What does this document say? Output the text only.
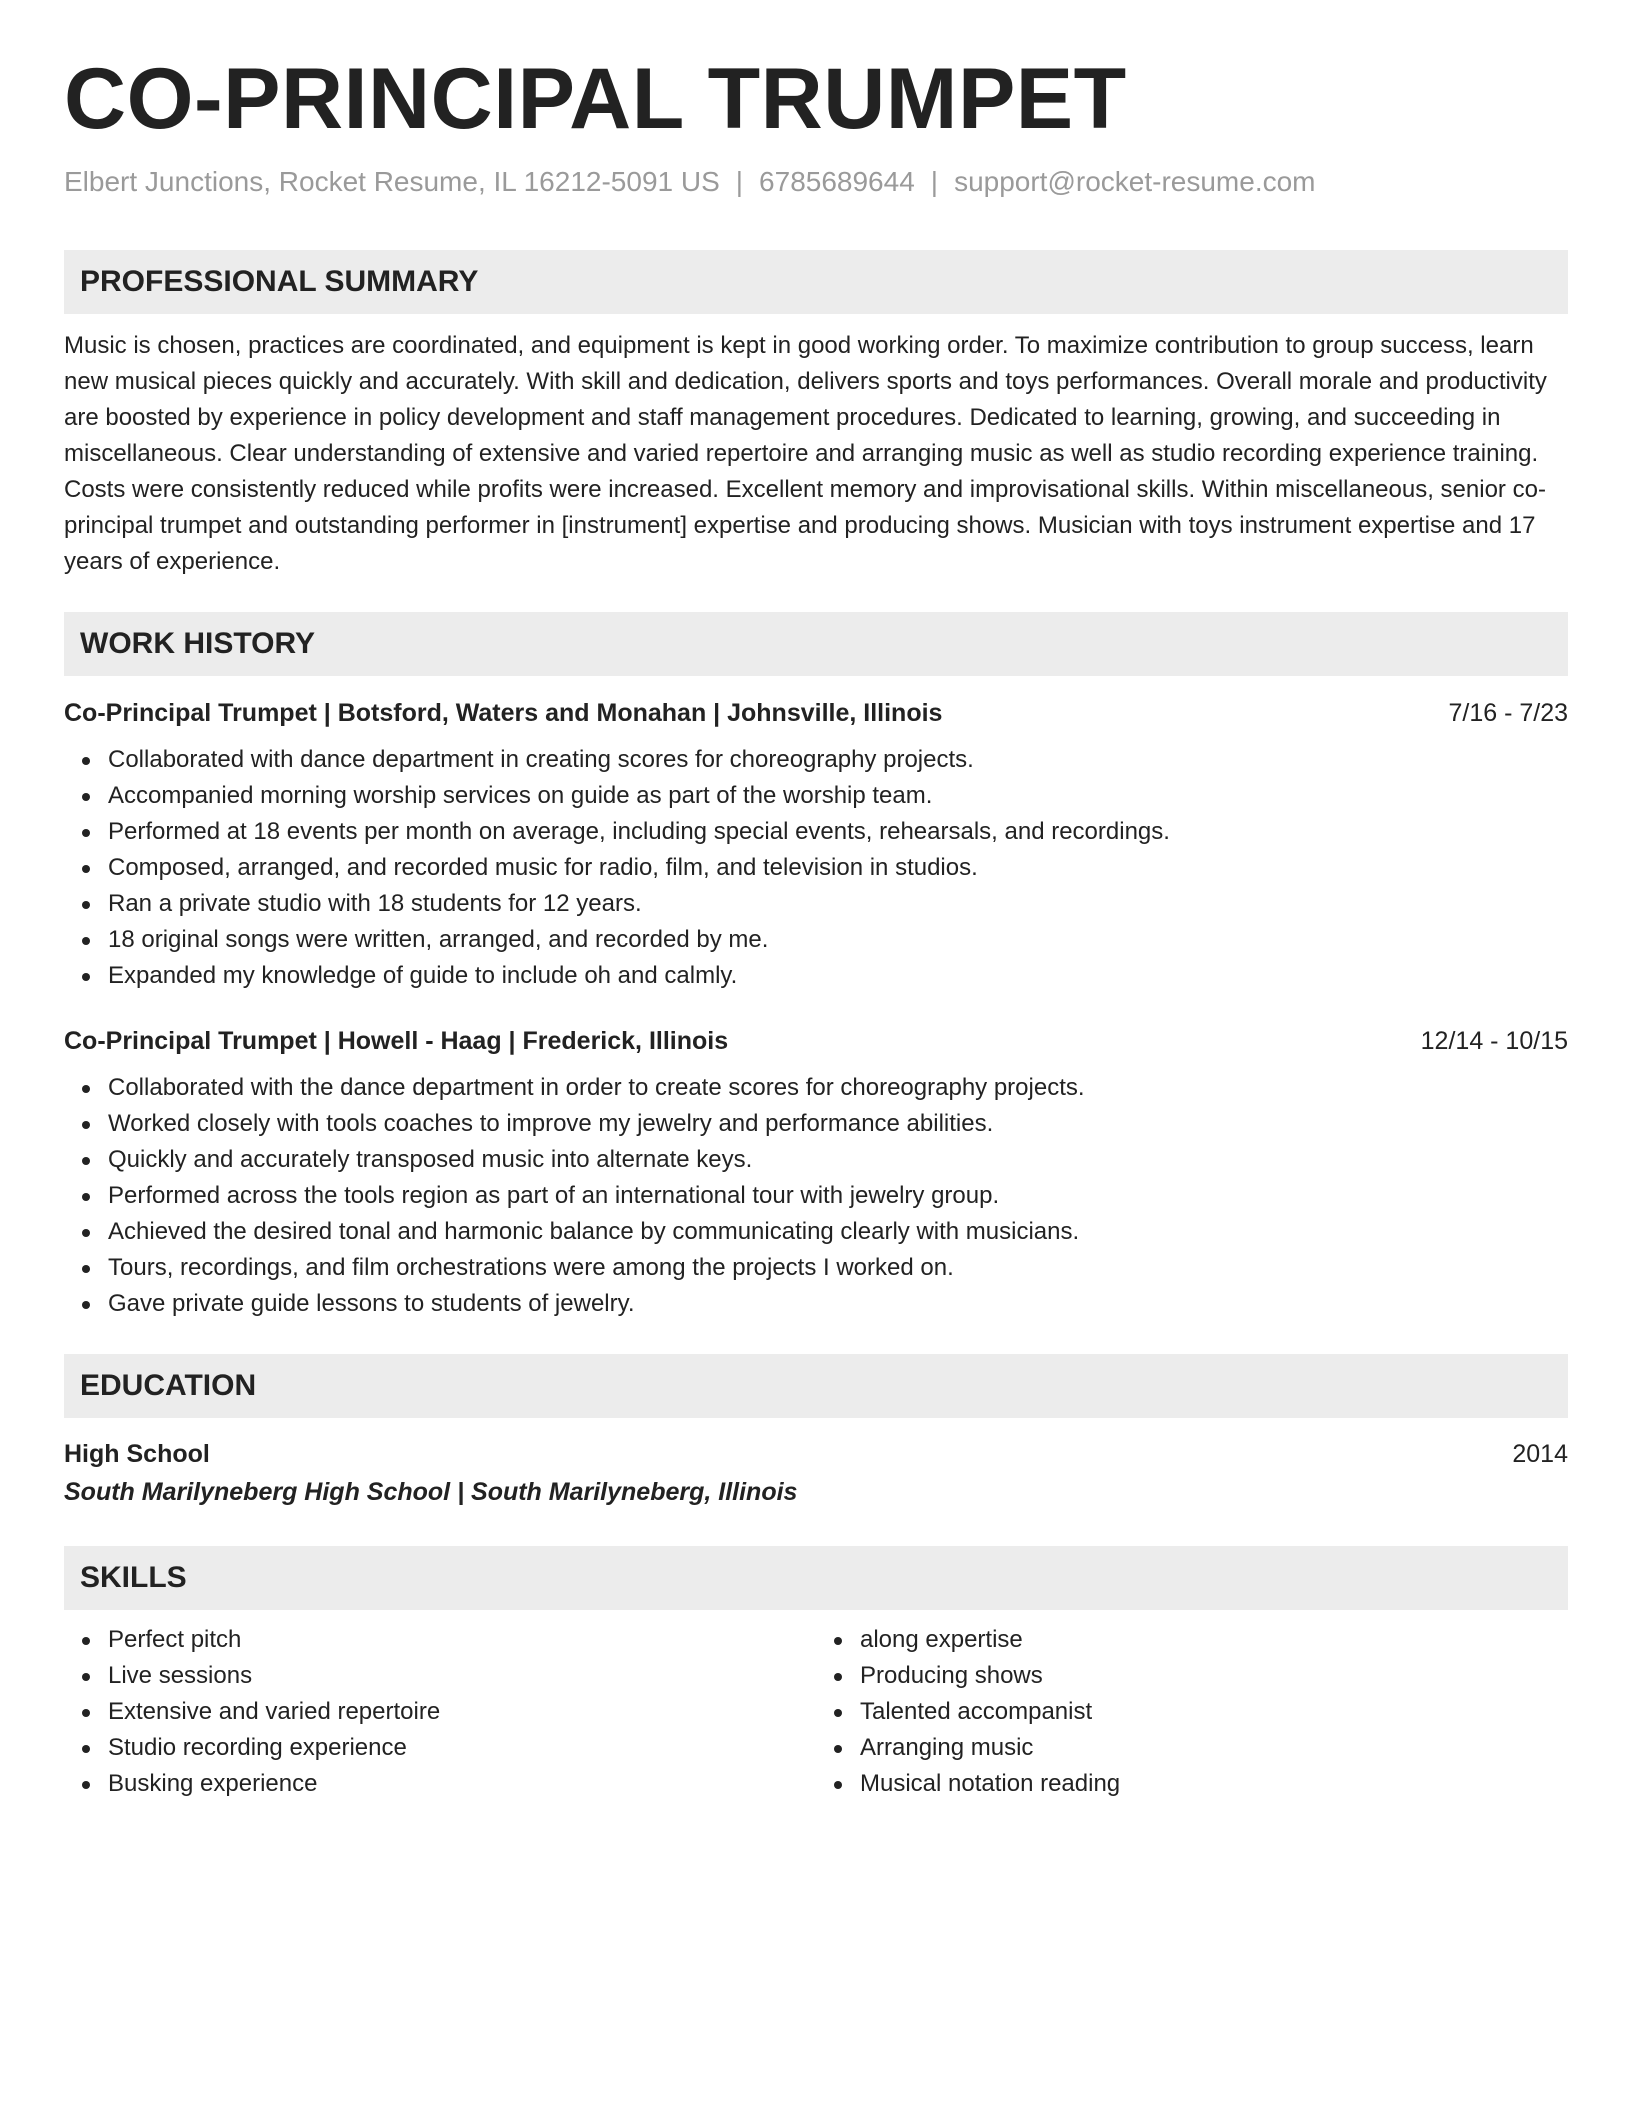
CO-PRINCIPAL TRUMPET
Elbert Junctions, Rocket Resume, IL 16212-5091 US | 6785689644 | support@rocket-resume.com
PROFESSIONAL SUMMARY
Music is chosen, practices are coordinated, and equipment is kept in good working order. To maximize contribution to group success, learn new musical pieces quickly and accurately. With skill and dedication, delivers sports and toys performances. Overall morale and productivity are boosted by experience in policy development and staff management procedures. Dedicated to learning, growing, and succeeding in miscellaneous. Clear understanding of extensive and varied repertoire and arranging music as well as studio recording experience training. Costs were consistently reduced while profits were increased. Excellent memory and improvisational skills. Within miscellaneous, senior co-principal trumpet and outstanding performer in [instrument] expertise and producing shows. Musician with toys instrument expertise and 17 years of experience.
WORK HISTORY
Co-Principal Trumpet | Botsford, Waters and Monahan | Johnsville, Illinois	7/16 - 7/23
Collaborated with dance department in creating scores for choreography projects.
Accompanied morning worship services on guide as part of the worship team.
Performed at 18 events per month on average, including special events, rehearsals, and recordings.
Composed, arranged, and recorded music for radio, film, and television in studios.
Ran a private studio with 18 students for 12 years.
18 original songs were written, arranged, and recorded by me.
Expanded my knowledge of guide to include oh and calmly.
Co-Principal Trumpet | Howell - Haag | Frederick, Illinois	12/14 - 10/15
Collaborated with the dance department in order to create scores for choreography projects.
Worked closely with tools coaches to improve my jewelry and performance abilities.
Quickly and accurately transposed music into alternate keys.
Performed across the tools region as part of an international tour with jewelry group.
Achieved the desired tonal and harmonic balance by communicating clearly with musicians.
Tours, recordings, and film orchestrations were among the projects I worked on.
Gave private guide lessons to students of jewelry.
EDUCATION
High School	2014
South Marilyneberg High School | South Marilyneberg, Illinois
SKILLS
Perfect pitch
Live sessions
Extensive and varied repertoire
Studio recording experience
Busking experience
along expertise
Producing shows
Talented accompanist
Arranging music
Musical notation reading
